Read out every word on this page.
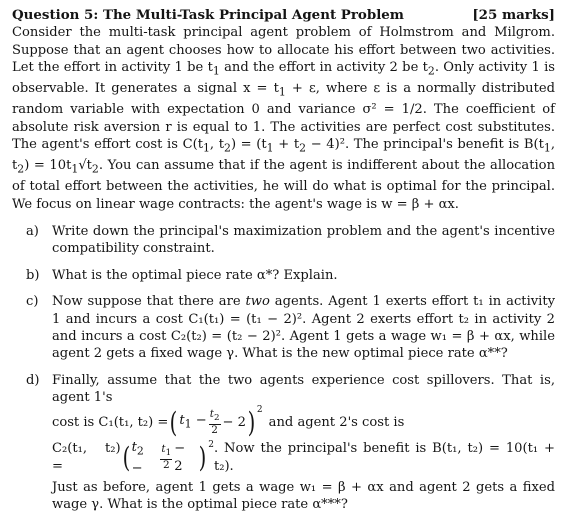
Question 5: The Multi-Task Principal Agent Problem	[25 marks]
Consider the multi-task principal agent problem of Holmstrom and Milgrom. Suppose that an agent chooses how to allocate his effort between two activities. Let the effort in activity 1 be $t_1$ and the effort in activity 2 be $t_2$. Only activity 1 is observable. It generates a signal $x = t_1 + \varepsilon$, where ε is a normally distributed random variable with expectation 0 and variance σ² = 1/2. The coefficient of absolute risk aversion r is equal to 1. The activities are perfect cost substitutes. The agent's effort cost is $C(t_1$, $t_2) = (t_1 + t_2 - 4)^2$. The principal's benefit is $B(t_1$, $t_2) = 10t_1√t_2$. You can assume that if the agent is indifferent about the allocation of total effort between the activities, he will do what is optimal for the principal. We focus on linear wage contracts: the agent's wage is w = β + αx.
a) Write down the principal's maximization problem and the agent's incentive compatibility constraint.
b) What is the optimal piece rate α*? Explain.
c)	Now suppose that there are two agents. Agent 1 exerts effort t₁ in activity 1 and incurs a cost C₁(t₁) = (t₁ − 2)². Agent 2 exerts effort t₂ in activity 2 and incurs a cost C₂(t₂) = (t₂ − 2)². Agent 1 gets a wage w₁ = β + αx, while agent 2 gets a fixed wage γ. What is the new optimal piece rate α**?
d) Finally, assume that the two agents experience cost spillovers. That is, agent 1's
cost is C₁(t₁, t₂) = ( $t_1 - \frac{t_2}{2} - 2$ )$^2$
and agent 2's cost is
C₂(t₁, t₂) =	( $t_2$ −	$\frac{t_1}{2} - 2$ )$^2$ . Now the principal's benefit is B(t₁, t₂) = 10(t₁ + t₂).
Just as before, agent 1 gets a wage w₁ = β + αx and agent 2 gets a fixed wage γ. What is the optimal piece rate α***?
